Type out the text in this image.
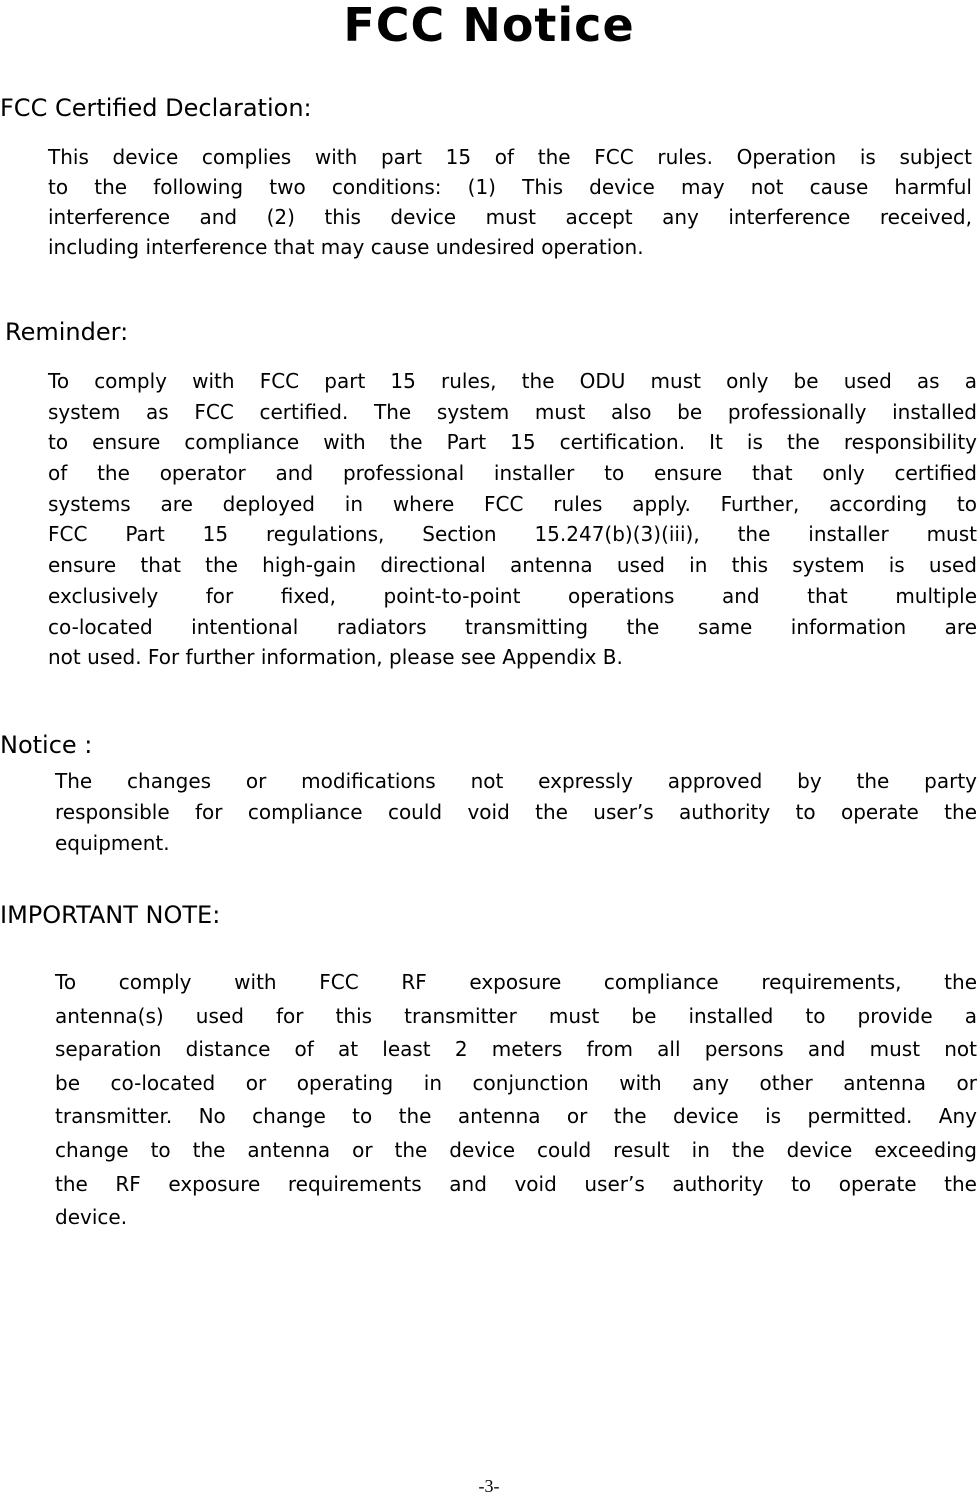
FCC Notice
FCC Certified Declaration:
This device complies with part 15 of the FCC rules. Operation is subject
to the following two conditions: (1) This device may not cause harmful
interference and (2) this device must accept any interference received,
including interference that may cause undesired operation.
Reminder:
To comply with FCC part 15 rules, the ODU must only be used as a
system as FCC certified. The system must also be professionally installed
to ensure compliance with the Part 15 certification. It is the responsibility
of the operator and professional installer to ensure that only certified
systems are deployed in where FCC rules apply. Further, according to
FCC Part 15 regulations, Section 15.247(b)(3)(iii), the installer must
ensure that the high-gain directional antenna used in this system is used
exclusively for fixed, point-to-point operations and that multiple
co-located intentional radiators transmitting the same information are
not used. For further information, please see Appendix B.
Notice :
The changes or modifications not expressly approved by the party
responsible for compliance could void the user’s authority to operate the
equipment.
IMPORTANT NOTE:
To comply with FCC RF exposure compliance requirements, the
antenna(s) used for this transmitter must be installed to provide a
separation distance of at least 2 meters from all persons and must not
be co-located or operating in conjunction with any other antenna or
transmitter. No change to the antenna or the device is permitted. Any
change to the antenna or the device could result in the device exceeding
the RF exposure requirements and void user’s authority to operate the
device.
-3-
